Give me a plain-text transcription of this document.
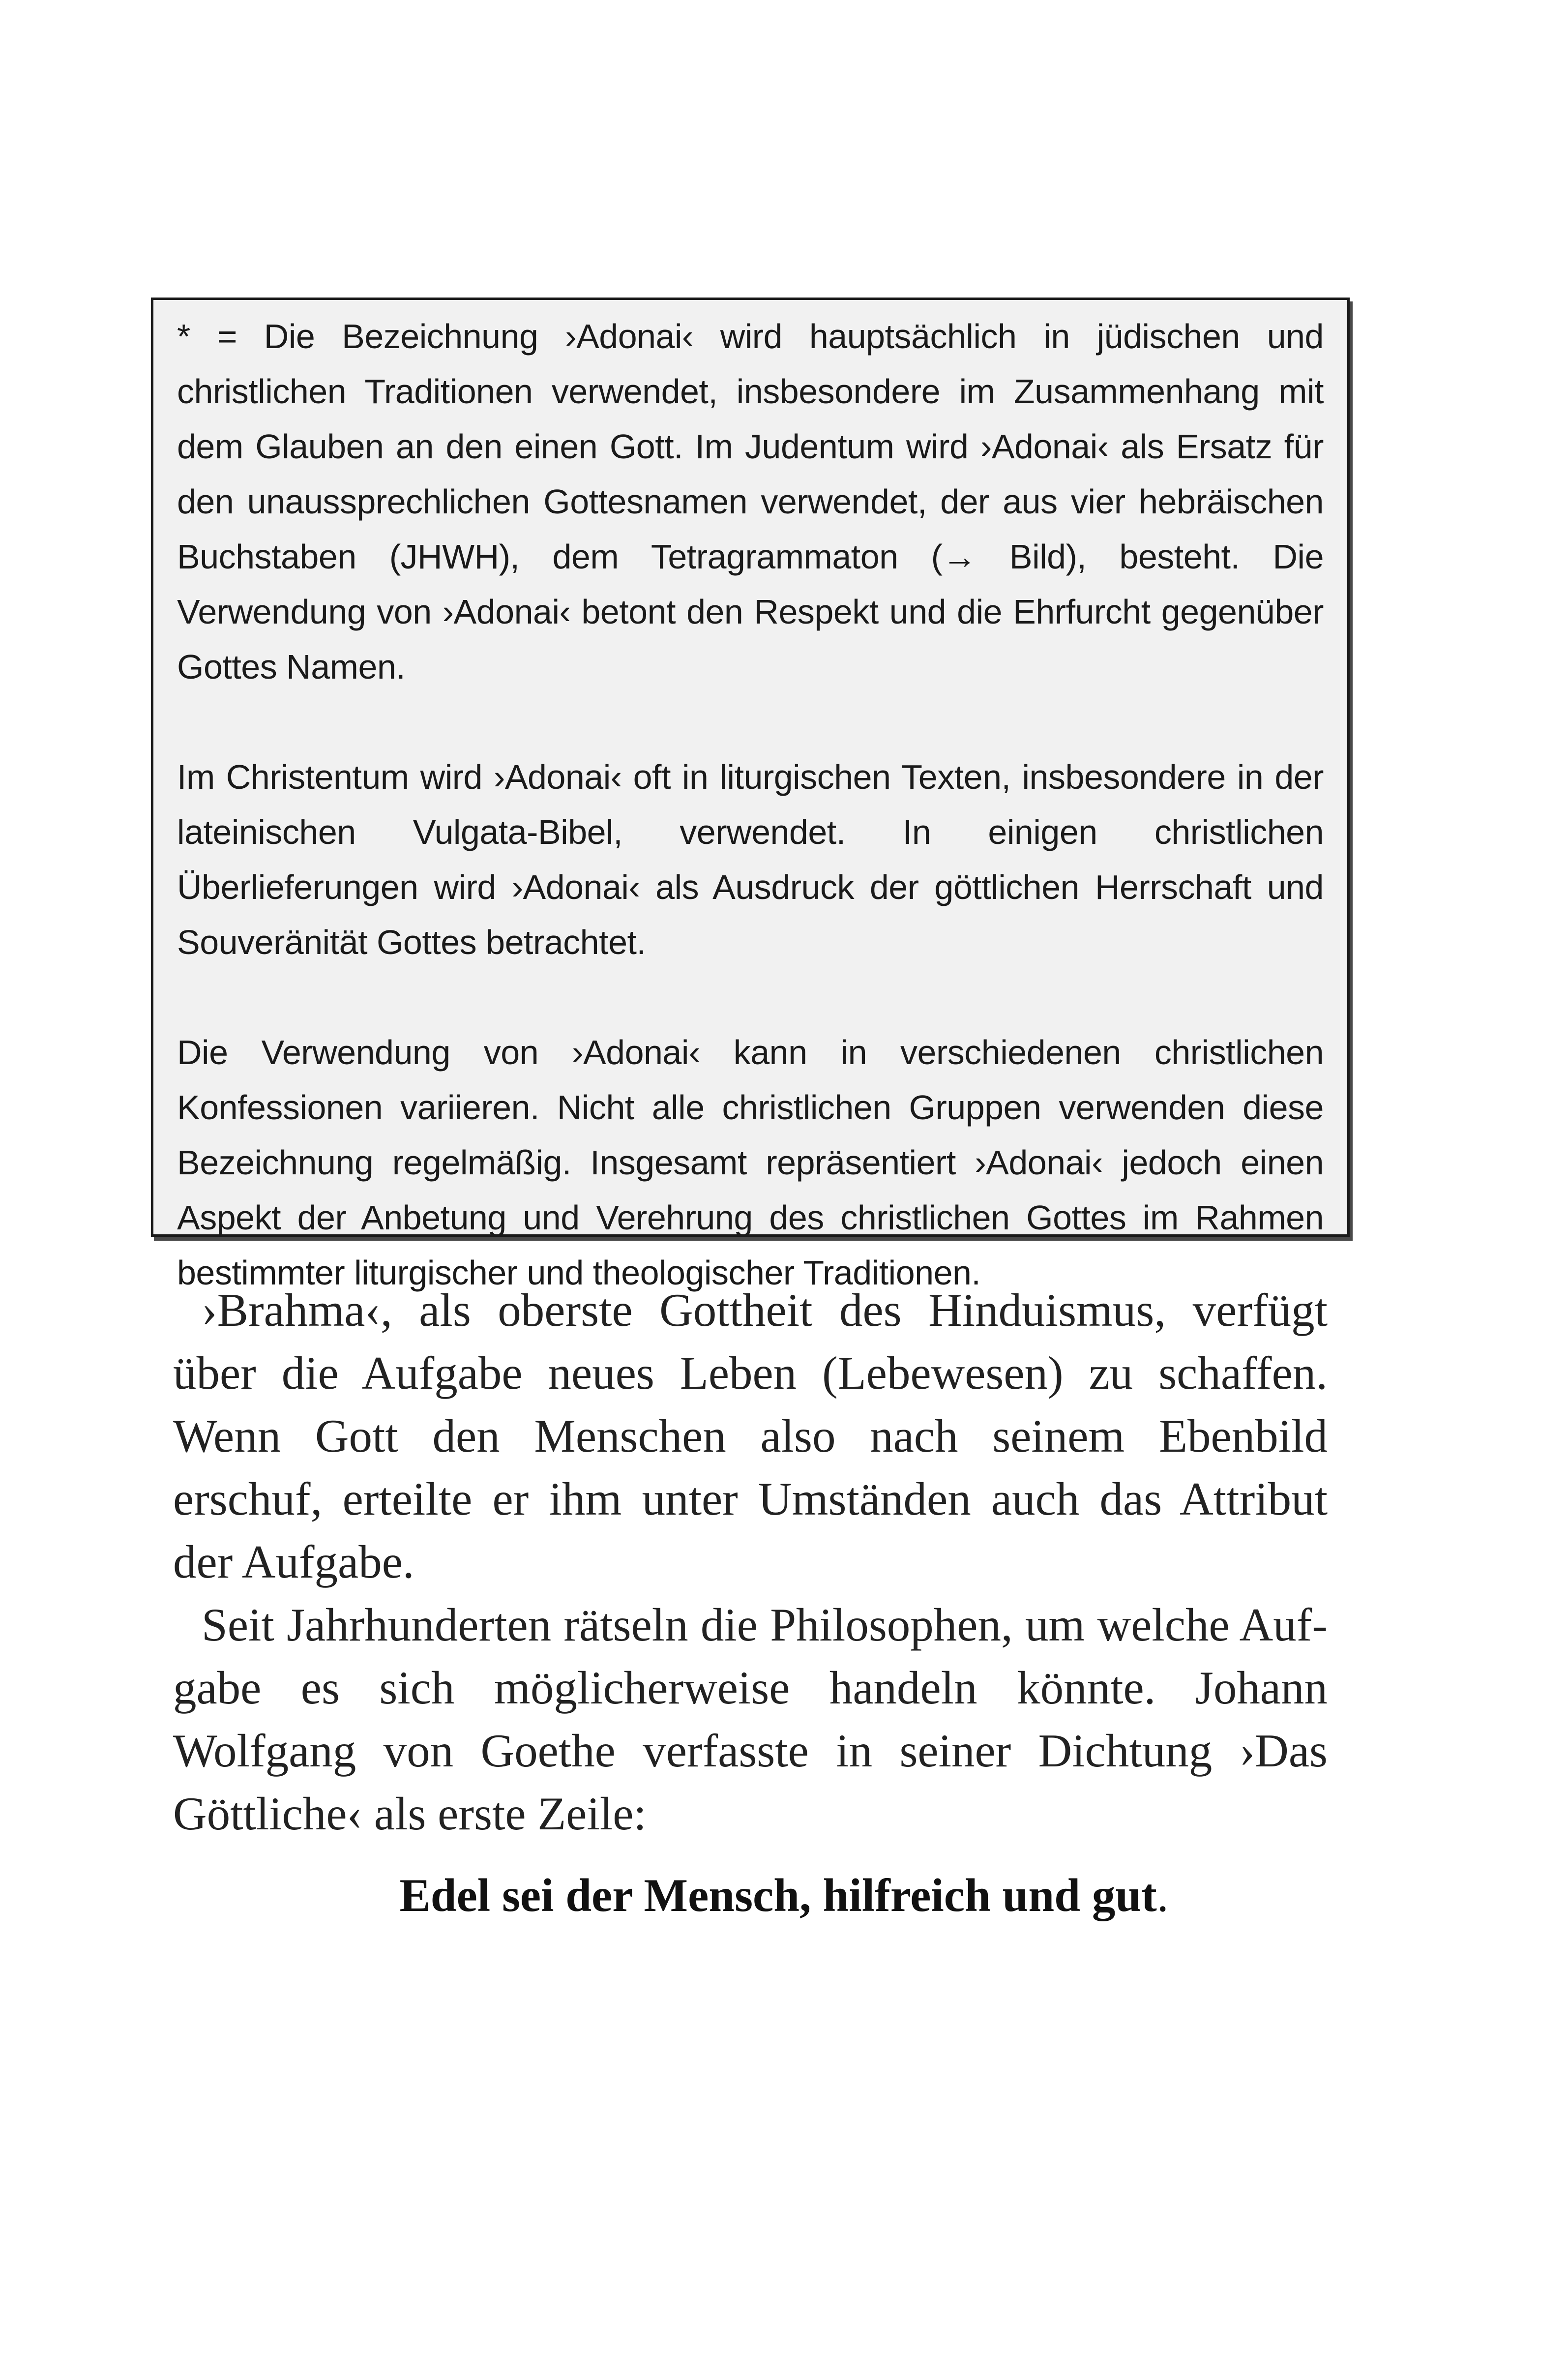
* = Die Bezeichnung ›Adonai‹ wird hauptsächlich in jüdischen und christlichen Traditionen verwendet, insbesondere im Zusammenhang mit dem Glauben an den einen Gott. Im Judentum wird ›Adonai‹ als Ersatz für den unaussprechlichen Gottesnamen verwendet, der aus vier hebräischen Buchstaben (JHWH), dem Tetragrammaton (→ Bild), besteht. Die Verwendung von ›Adonai‹ betont den Respekt und die Ehrfurcht gegenüber Gottes Namen.

Im Christentum wird ›Adonai‹ oft in liturgischen Texten, insbesondere in der lateinischen Vulgata-Bibel, verwendet. In einigen christlichen Überlieferungen wird ›Adonai‹ als Ausdruck der göttlichen Herrschaft und Souveränität Gottes betrachtet.

Die Verwendung von ›Adonai‹ kann in verschiedenen christlichen Konfessionen variieren. Nicht alle christlichen Gruppen verwenden diese Bezeichnung regelmäßig. Insgesamt repräsentiert ›Adonai‹ jedoch einen Aspekt der Anbetung und Verehrung des christlichen Gottes im Rahmen bestimmter liturgischer und theologischer Traditionen.

›Brahma‹, als oberste Gottheit des Hinduismus, verfügt über die Aufgabe neues Leben (Lebewesen) zu schaffen. Wenn Gott den Menschen also nach seinem Ebenbild erschuf, erteilte er ihm unter Umständen auch das Attribut der Aufgabe.

Seit Jahrhunderten rätseln die Philosophen, um welche Aufgabe es sich möglicherweise handeln könnte. Johann Wolfgang von Goethe verfasste in seiner Dichtung ›Das Göttliche‹ als erste Zeile:

Edel sei der Mensch, hilfreich und gut.
